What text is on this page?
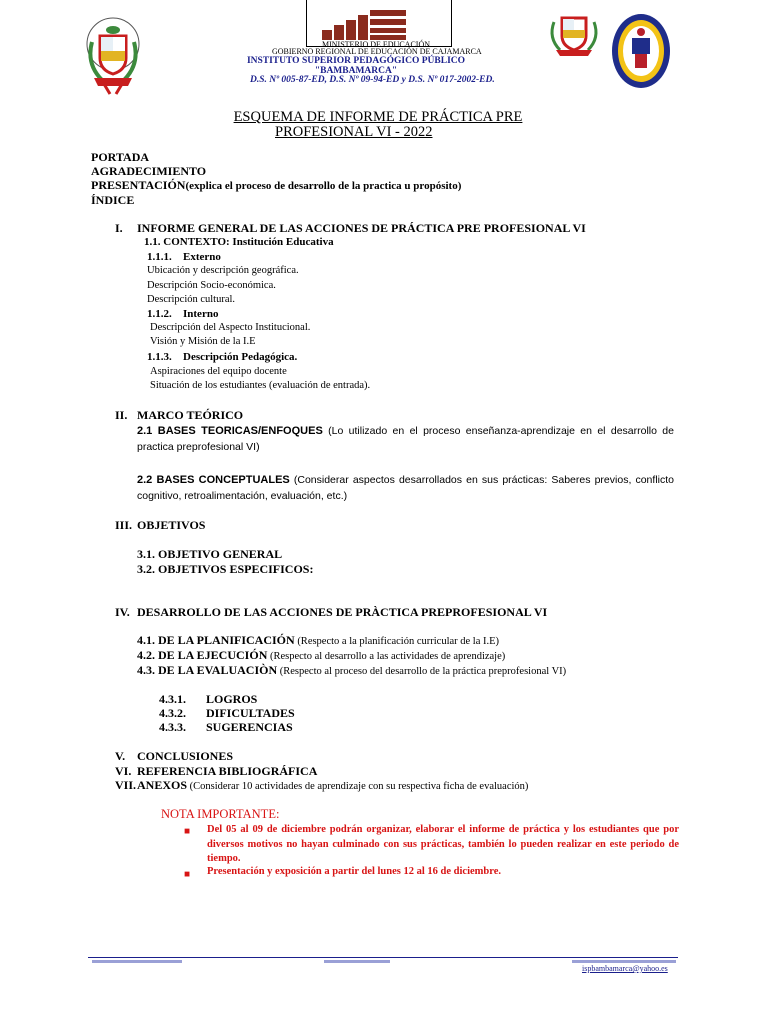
MINISTERIO DE EDUCACIÓN
GOBIERNO REGIONAL DE EDUCACIÓN DE CAJAMARCA
INSTITUTO SUPERIOR PEDAGÓGICO PÚBLICO
"BAMBAMARCA"
D.S. Nº 005-87-ED, D.S. Nº 09-94-ED y D.S. Nº 017-2002-ED.
ESQUEMA DE INFORME DE PRÁCTICA PRE
PROFESIONAL VI - 2022
PORTADA
AGRADECIMIENTO
PRESENTACIÓN(explica el proceso de desarrollo de la practica u propósito)
ÍNDICE
I. INFORME GENERAL DE LAS ACCIONES DE PRÁCTICA PRE PROFESIONAL VI
1.1. CONTEXTO: Institución Educativa
1.1.1. Externo
Ubicación y descripción geográfica.
Descripción Socio-económica.
Descripción cultural.
1.1.2. Interno
Descripción del Aspecto Institucional.
Visión y Misión de la I.E
1.1.3. Descripción Pedagógica.
Aspiraciones del equipo docente
Situación de los estudiantes (evaluación de entrada).
II. MARCO TEÓRICO
2.1 BASES TEORICAS/ENFOQUES (Lo utilizado en el proceso enseñanza-aprendizaje en el desarrollo de practica preprofesional VI)
2.2 BASES CONCEPTUALES (Considerar aspectos desarrollados en sus prácticas: Saberes previos, conflicto cognitivo, retroalimentación, evaluación, etc.)
III. OBJETIVOS
3.1. OBJETIVO GENERAL
3.2. OBJETIVOS ESPECIFICOS:
IV. DESARROLLO DE LAS ACCIONES DE PRÀCTICA PREPROFESIONAL VI
4.1. DE LA PLANIFICACIÓN (Respecto a la planificación curricular de la I.E)
4.2. DE LA EJECUCIÓN (Respecto al desarrollo a las actividades de aprendizaje)
4.3. DE LA EVALUACIÒN (Respecto al proceso del desarrollo de la práctica preprofesional VI)
4.3.1. LOGROS
4.3.2. DIFICULTADES
4.3.3. SUGERENCIAS
V. CONCLUSIONES
VI. REFERENCIA BIBLIOGRÁFICA
VII. ANEXOS (Considerar 10 actividades de aprendizaje con su respectiva ficha de evaluación)
NOTA IMPORTANTE:
■ Del 05 al 09 de diciembre podrán organizar, elaborar el informe de práctica y los estudiantes que por diversos motivos no hayan culminado con sus prácticas, también lo pueden realizar en este periodo de tiempo.
■ Presentación y exposición a partir del lunes 12 al 16 de diciembre.
ispbambamarca@yahoo.es
